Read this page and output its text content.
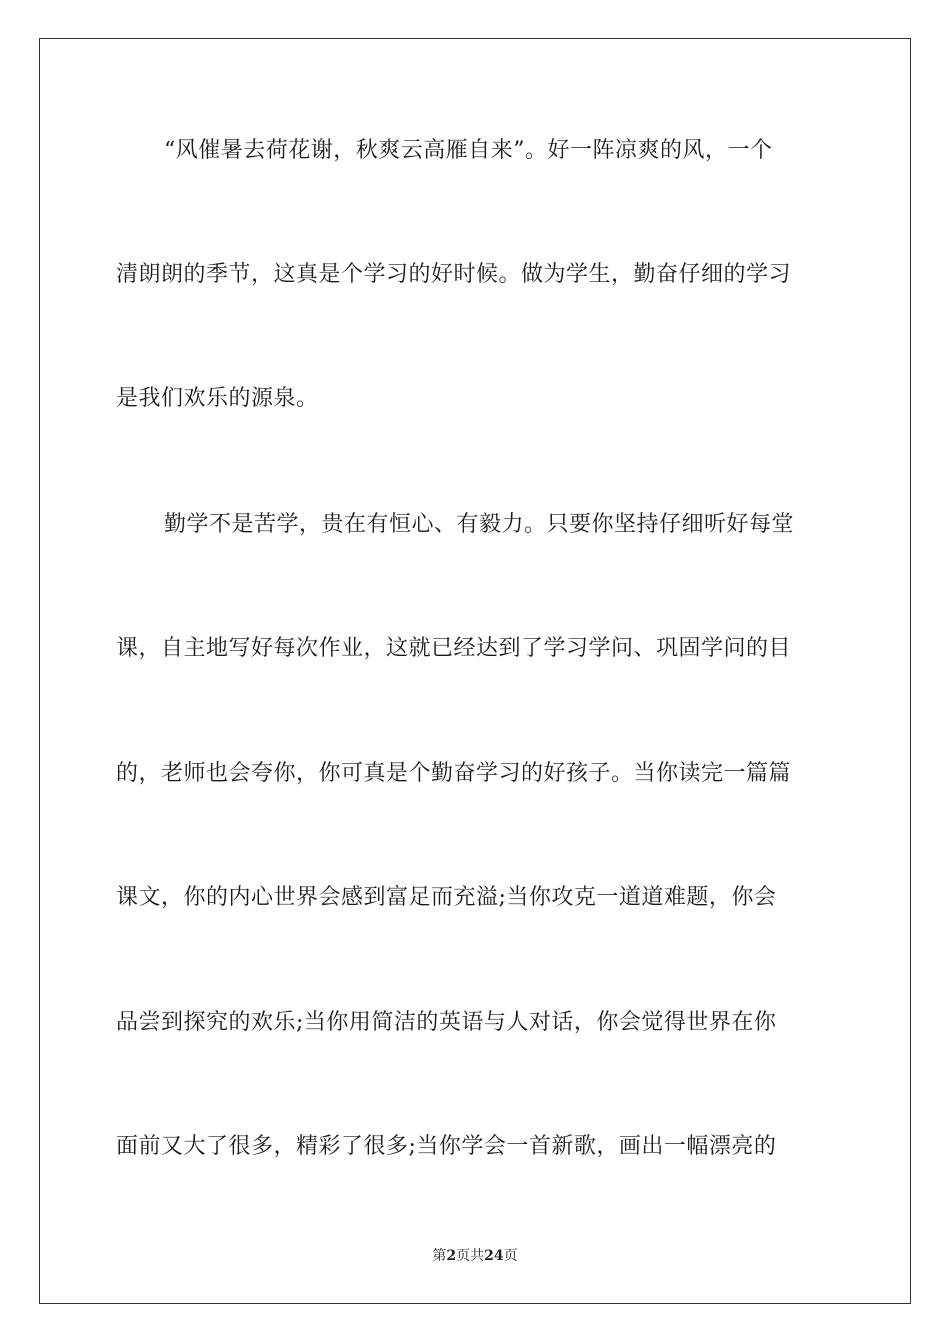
“风催暑去荷花谢，秋爽云高雁自来”。好一阵凉爽的风，一个
清朗朗的季节，这真是个学习的好时候。做为学生，勤奋仔细的学习
是我们欢乐的源泉。
勤学不是苦学，贵在有恒心、有毅力。只要你坚持仔细听好每堂
课，自主地写好每次作业，这就已经达到了学习学问、巩固学问的目
的，老师也会夸你，你可真是个勤奋学习的好孩子。当你读完一篇篇
课文，你的内心世界会感到富足而充溢;当你攻克一道道难题，你会
品尝到探究的欢乐;当你用简洁的英语与人对话，你会觉得世界在你
面前又大了很多，精彩了很多;当你学会一首新歌，画出一幅漂亮的
第2页共24页
